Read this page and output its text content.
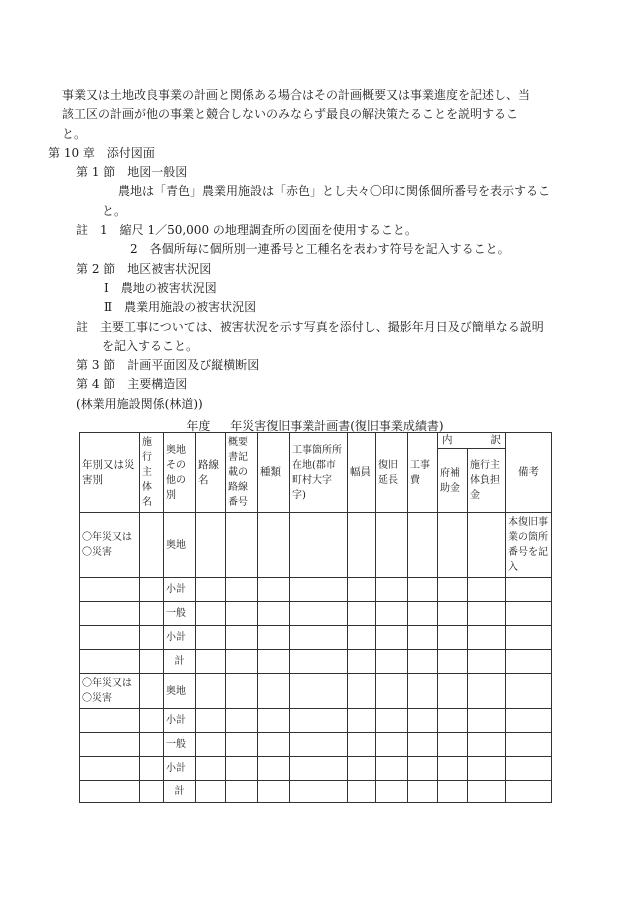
事業又は土地改良事業の計画と関係ある場合はその計画概要又は事業進度を記述し、当
該工区の計画が他の事業と競合しないのみならず最良の解決策たることを説明するこ
と。
第 10 章　添付図面
第 1 節　地図一般図
農地は「青色」農業用施設は「赤色」とし夫々〇印に関係個所番号を表示するこ
と。
註　1　縮尺 1／50,000 の地理調査所の図面を使用すること。
2　各個所毎に個所別一連番号と工種名を表わす符号を記入すること。
第 2 節　地区被害状況図
Ⅰ　農地の被害状況図
Ⅱ　農業用施設の被害状況図
註　主要工事については、被害状況を示す写真を添付し、撮影年月日及び簡単なる説明
を記入すること。
第 3 節　計画平面図及び縦横断図
第 4 節　主要構造図
(林業用施設関係(林道))
年度 年災害復旧事業計画書(復旧事業成績書)
年別又は災害別	施行主体名	奥地その他の別	路線名	概要書記載の路線番号	種類	工事箇所所在地(郡市町村大字字)	幅員	復旧延長	工事費	内 訳		備考
										府補助金	施行主体負担金	
〇年災又は〇災害		奥地										本復旧事業の箇所番号を記入
		小計										
		一般										
		小計										
		計										
〇年災又は〇災害		奥地										
		小計										
		一般										
		小計										
		計										
